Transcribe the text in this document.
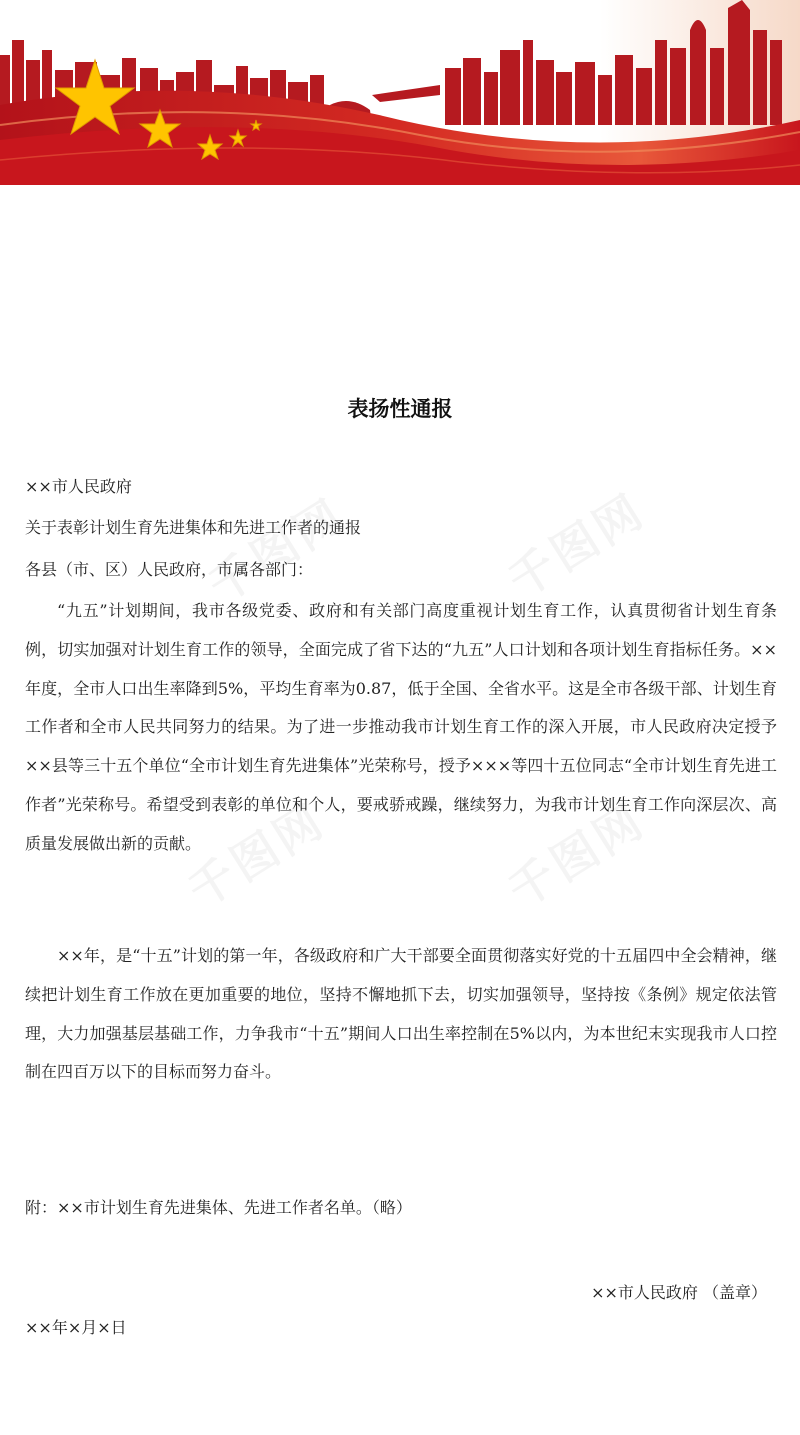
表扬性通报
××市人民政府
关于表彰计划生育先进集体和先进工作者的通报
各县（市、区）人民政府，市属各部门：

“九五”计划期间，我市各级党委、政府和有关部门高度重视计划生育工作，认真贯彻省计划生育条例，切实加强对计划生育工作的领导，全面完成了省下达的“九五”人口计划和各项计划生育指标任务。××年度，全市人口出生率降到5%，平均生育率为0.87，低于全国、全省水平。这是全市各级干部、计划生育工作者和全市人民共同努力的结果。为了进一步推动我市计划生育工作的深入开展，市人民政府决定授予××县等三十五个单位“全市计划生育先进集体”光荣称号，授予×××等四十五位同志“全市计划生育先进工作者”光荣称号。希望受到表彰的单位和个人，要戒骄戒躁，继续努力，为我市计划生育工作向深层次、高质量发展做出新的贡献。

××年，是“十五”计划的第一年，各级政府和广大干部要全面贯彻落实好党的十五届四中全会精神，继续把计划生育工作放在更加重要的地位，坚持不懈地抓下去，切实加强领导，坚持按《条例》规定依法管理，大力加强基层基础工作，力争我市“十五”期间人口出生率控制在5%以内，为本世纪末实现我市人口控制在四百万以下的目标而努力奋斗。

附：××市计划生育先进集体、先进工作者名单。（略）
××市人民政府 （盖章）
××年×月×日
